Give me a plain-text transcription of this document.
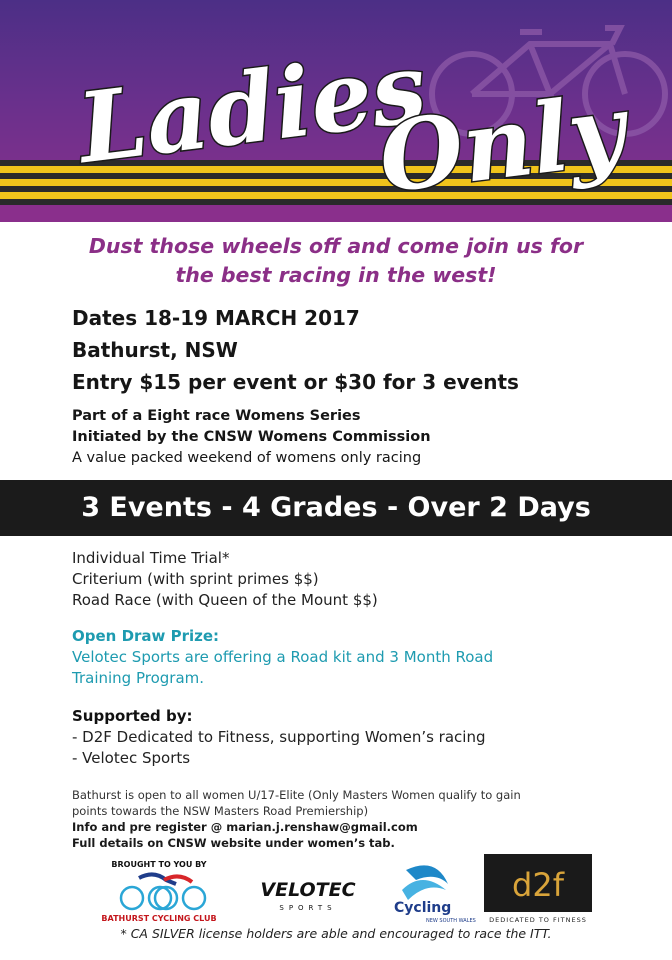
Ladies
Only
Dust those wheels off and come join us for
the best racing in the west!
Dates 18-19 MARCH 2017
Bathurst, NSW
Entry $15 per event or $30 for 3 events
Part of a Eight race Womens Series
Initiated by the CNSW Womens Commission
A value packed weekend of womens only racing
3 Events - 4 Grades - Over 2 Days
Individual Time Trial*
Criterium (with sprint primes $$)
Road Race (with Queen of the Mount $$)
Open Draw Prize:
Velotec Sports are offering a Road kit and 3 Month Road
Training Program.
Supported by:
- D2F Dedicated to Fitness, supporting Women’s racing
- Velotec Sports
Bathurst is open to all women U/17-Elite (Only Masters Women qualify to gain
points towards the NSW Masters Road Premiership)
Info and pre register @ marian.j.renshaw@gmail.com
Full details on CNSW website under women’s tab.
BROUGHT TO YOU BY
BATHURST CYCLING CLUB
VELOTEC
SPORTS	Cycling
NEW SOUTH WALES
d2f
DEDICATED TO FITNESS
* CA SILVER license holders are able and encouraged to race the ITT.
